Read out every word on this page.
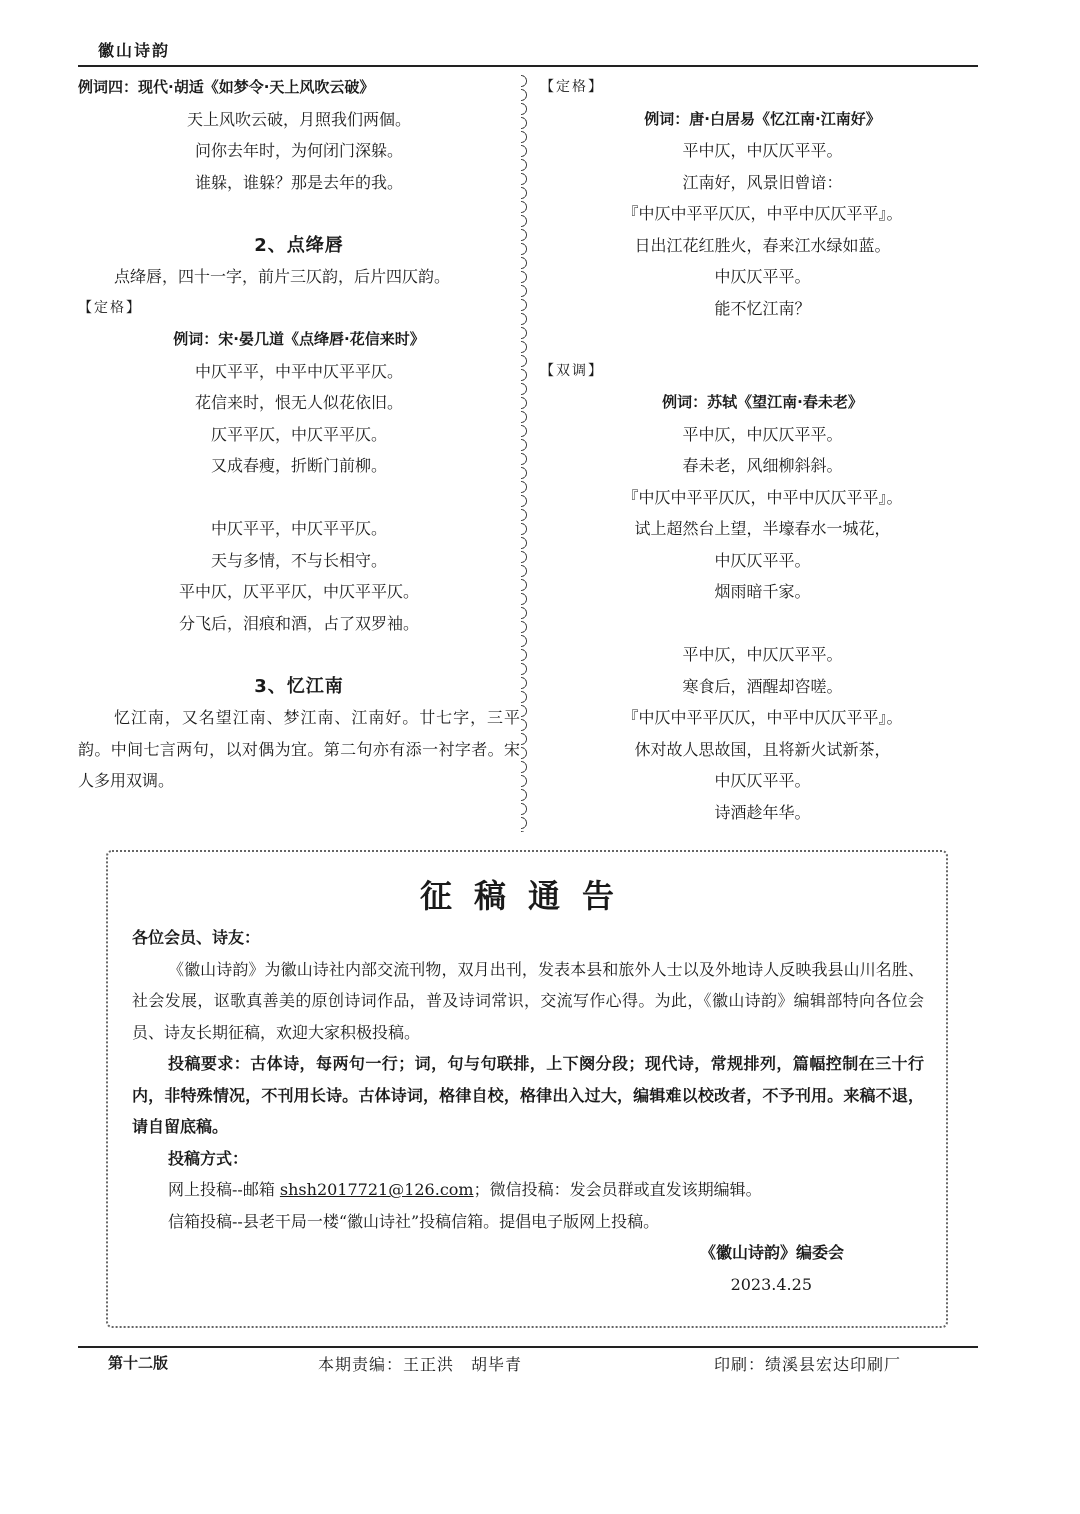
徽山诗韵
例词四：现代·胡适《如梦令·天上风吹云破》
天上风吹云破，月照我们两個。
问你去年时，为何闭门深躲。
谁躲，谁躲？那是去年的我。
2、点绛唇
点绛唇，四十一字，前片三仄韵，后片四仄韵。
【定格】
例词：宋·晏几道《点绛唇·花信来时》
中仄平平，中平中仄平平仄。
花信来时，恨无人似花依旧。
仄平平仄，中仄平平仄。
又成春瘦，折断门前柳。
中仄平平，中仄平平仄。
天与多情，不与长相守。
平中仄，仄平平仄，中仄平平仄。
分飞后，泪痕和酒，占了双罗袖。
3、忆江南
忆江南，又名望江南、梦江南、江南好。廿七字，三平韵。中间七言两句，以对偶为宜。第二句亦有添一衬字者。宋人多用双调。
【定格】
例词：唐·白居易《忆江南·江南好》
平中仄，中仄仄平平。
江南好，风景旧曾谙：
『中仄中平平仄仄，中平中仄仄平平』。
日出江花红胜火，春来江水绿如蓝。
中仄仄平平。
能不忆江南？
【双调】
例词：苏轼《望江南·春未老》
平中仄，中仄仄平平。
春未老，风细柳斜斜。
『中仄中平平仄仄，中平中仄仄平平』。
试上超然台上望，半壕春水一城花，
中仄仄平平。
烟雨暗千家。
平中仄，中仄仄平平。
寒食后，酒醒却咨嗟。
『中仄中平平仄仄，中平中仄仄平平』。
休对故人思故国，且将新火试新茶，
中仄仄平平。
诗酒趁年华。
征稿通告
各位会员、诗友：
《徽山诗韵》为徽山诗社内部交流刊物，双月出刊，发表本县和旅外人士以及外地诗人反映我县山川名胜、社会发展，讴歌真善美的原创诗词作品，普及诗词常识，交流写作心得。为此，《徽山诗韵》编辑部特向各位会员、诗友长期征稿，欢迎大家积极投稿。
投稿要求：古体诗，每两句一行；词，句与句联排，上下阕分段；现代诗，常规排列，篇幅控制在三十行内，非特殊情况，不刊用长诗。古体诗词，格律自校，格律出入过大，编辑难以校改者，不予刊用。来稿不退，请自留底稿。
投稿方式：
网上投稿--邮箱 shsh2017721@126.com；微信投稿：发会员群或直发该期编辑。
信箱投稿--县老干局一楼“徽山诗社”投稿信箱。提倡电子版网上投稿。
《徽山诗韵》编委会
2023.4.25
第十二版	本期责编：王正洪　胡毕青	印刷：绩溪县宏达印刷厂
